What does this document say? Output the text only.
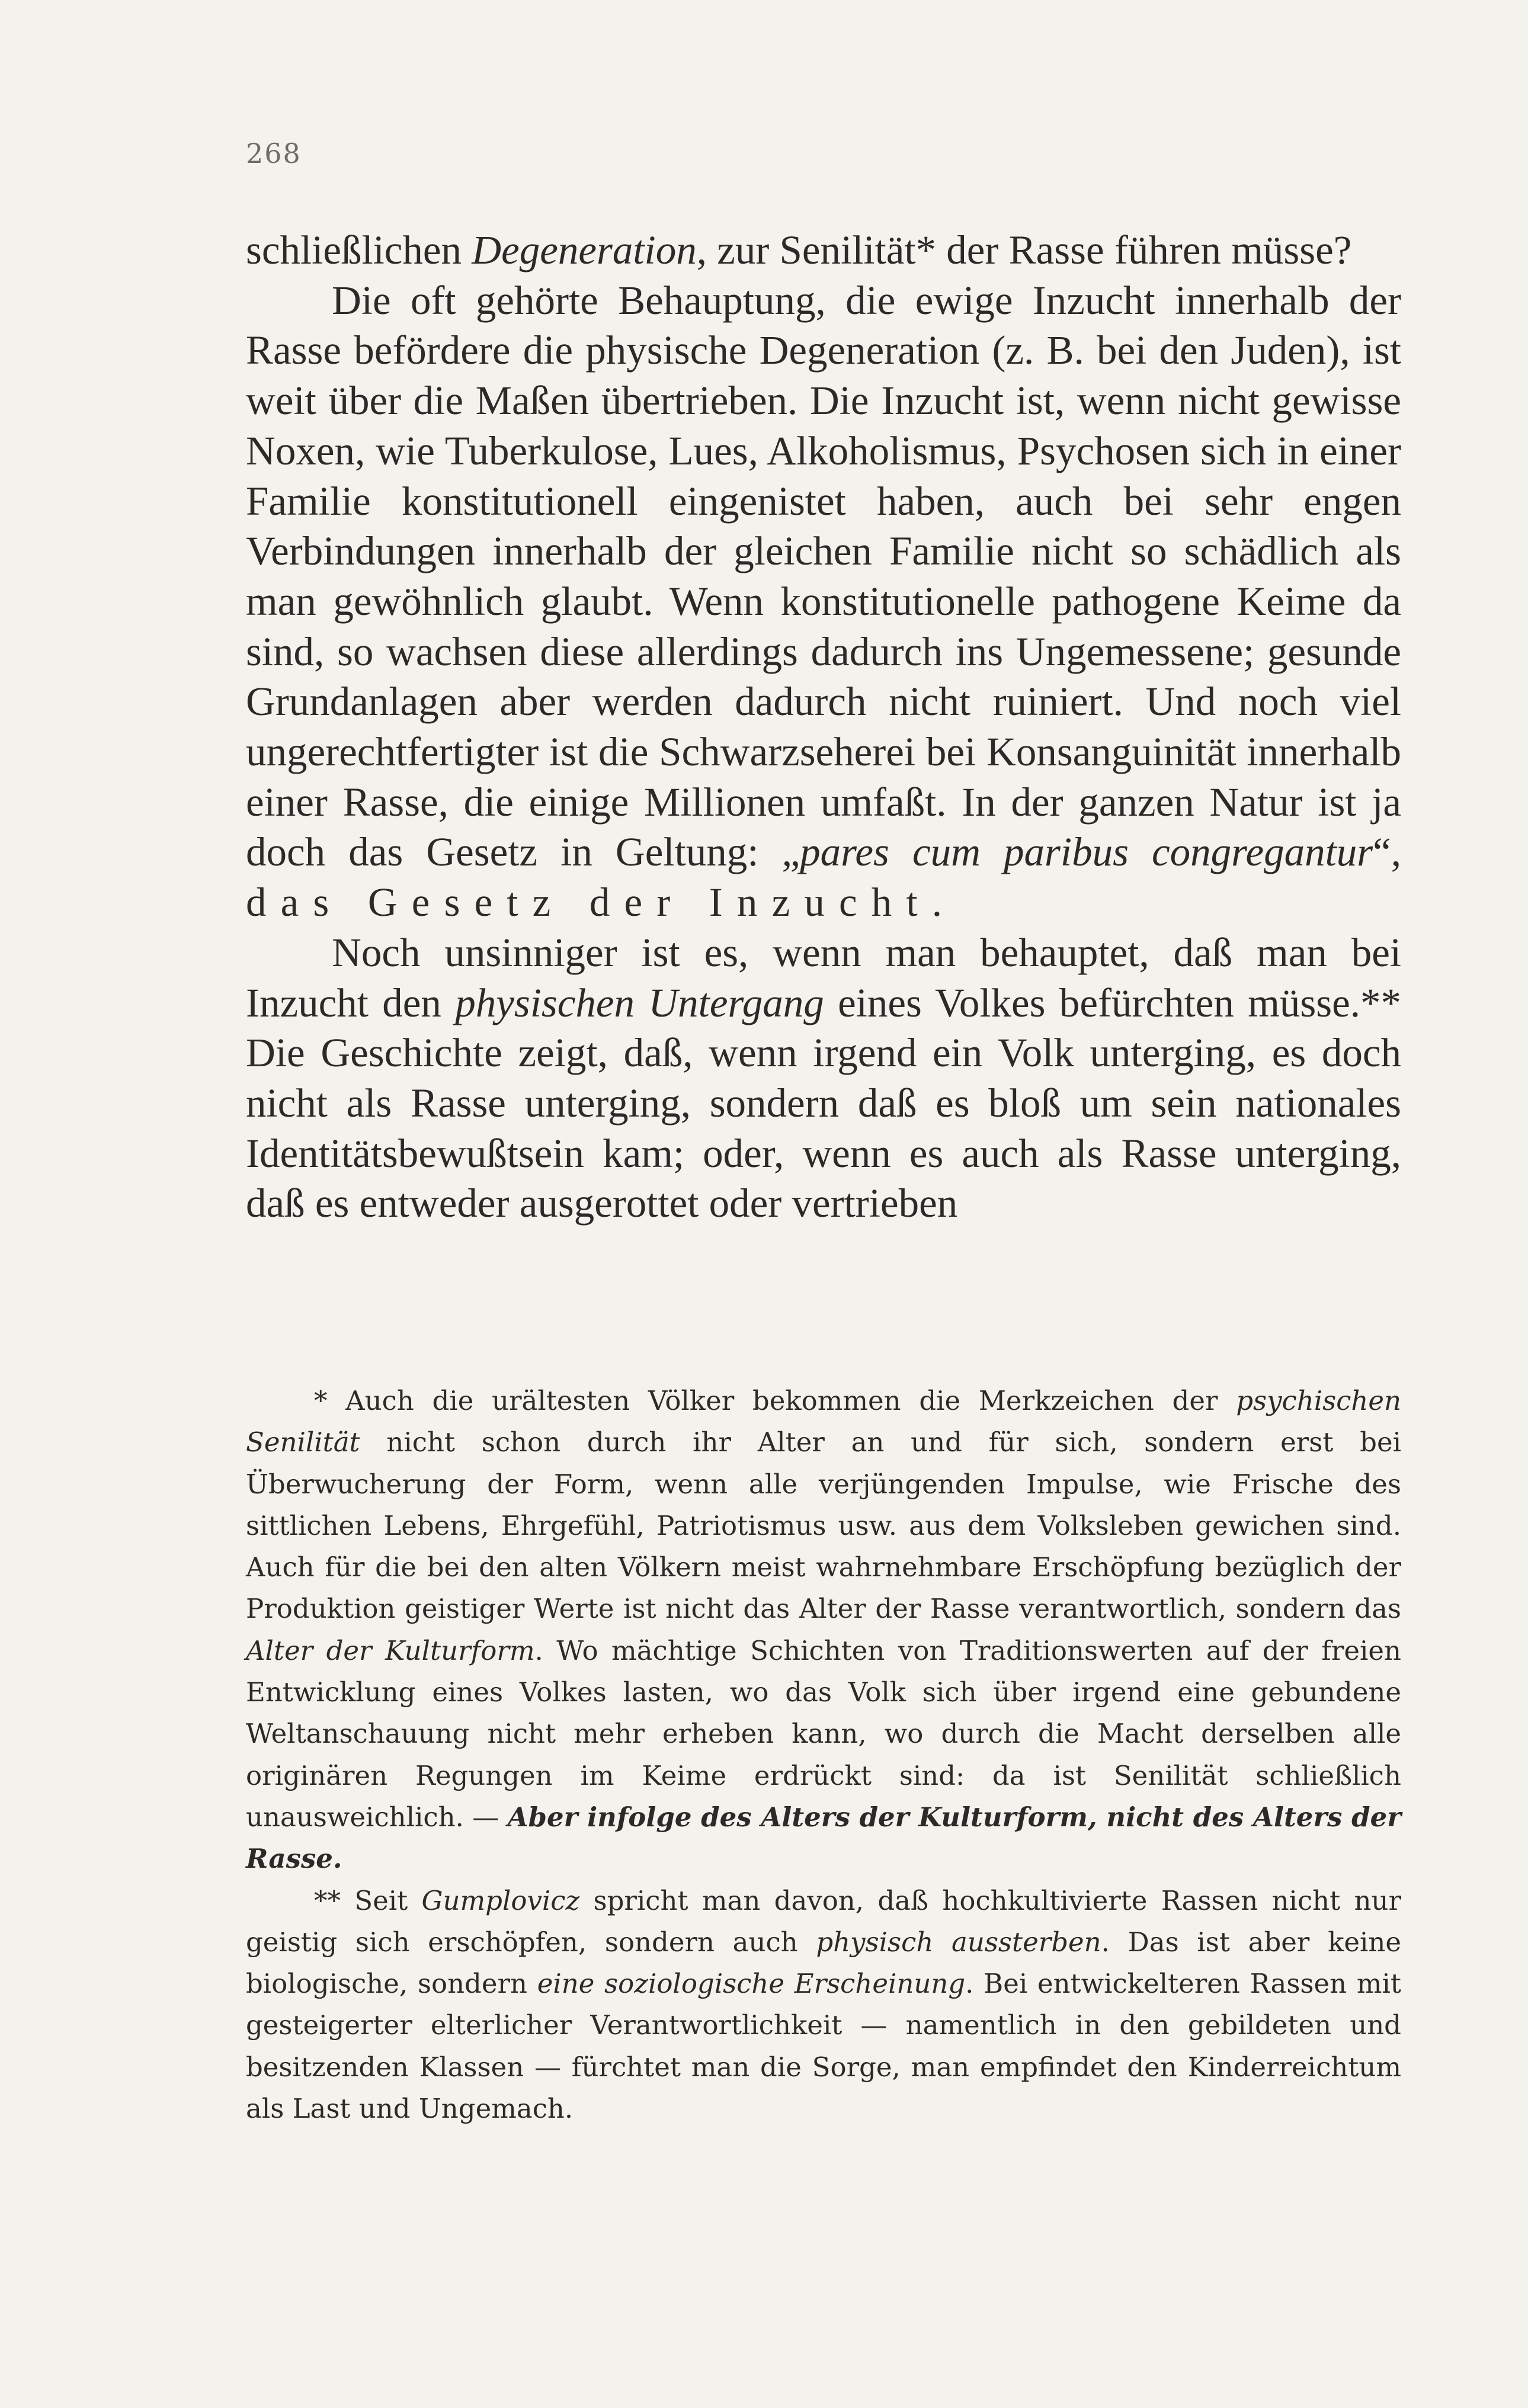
268

schließlichen Degeneration, zur Senilität* der Rasse führen müsse?

Die oft gehörte Behauptung, die ewige Inzucht innerhalb der Rasse befördere die physische Degeneration (z. B. bei den Juden), ist weit über die Maßen übertrieben. Die Inzucht ist, wenn nicht gewisse Noxen, wie Tuberkulose, Lues, Alkoholismus, Psychosen sich in einer Familie konstitutionell eingenistet haben, auch bei sehr engen Verbindungen innerhalb der gleichen Familie nicht so schädlich als man gewöhnlich glaubt. Wenn konstitutionelle pathogene Keime da sind, so wachsen diese allerdings dadurch ins Ungemessene; gesunde Grundanlagen aber werden dadurch nicht ruiniert. Und noch viel ungerechtfertigter ist die Schwarzseherei bei Konsanguinität innerhalb einer Rasse, die einige Millionen umfaßt. In der ganzen Natur ist ja doch das Gesetz in Geltung: „pares cum paribus congregantur“, das Gesetz der Inzucht.

Noch unsinniger ist es, wenn man behauptet, daß man bei Inzucht den physischen Untergang eines Volkes befürchten müsse.** Die Geschichte zeigt, daß, wenn irgend ein Volk unterging, es doch nicht als Rasse unterging, sondern daß es bloß um sein nationales Identitätsbewußtsein kam; oder, wenn es auch als Rasse unterging, daß es entweder ausgerottet oder vertrieben

* Auch die urältesten Völker bekommen die Merkzeichen der psychischen Senilität nicht schon durch ihr Alter an und für sich, sondern erst bei Überwucherung der Form, wenn alle verjüngenden Impulse, wie Frische des sittlichen Lebens, Ehrgefühl, Patriotismus usw. aus dem Volksleben gewichen sind. Auch für die bei den alten Völkern meist wahrnehmbare Erschöpfung bezüglich der Produktion geistiger Werte ist nicht das Alter der Rasse verantwortlich, sondern das Alter der Kulturform. Wo mächtige Schichten von Traditionswerten auf der freien Entwicklung eines Volkes lasten, wo das Volk sich über irgend eine gebundene Weltanschauung nicht mehr erheben kann, wo durch die Macht derselben alle originären Regungen im Keime erdrückt sind: da ist Senilität schließlich unausweichlich. — Aber infolge des Alters der Kulturform, nicht des Alters der Rasse.

** Seit Gumplovicz spricht man davon, daß hochkultivierte Rassen nicht nur geistig sich erschöpfen, sondern auch physisch aussterben. Das ist aber keine biologische, sondern eine soziologische Erscheinung. Bei entwickelteren Rassen mit gesteigerter elterlicher Verantwortlichkeit — namentlich in den gebildeten und besitzenden Klassen — fürchtet man die Sorge, man empfindet den Kinderreichtum als Last und Ungemach.
